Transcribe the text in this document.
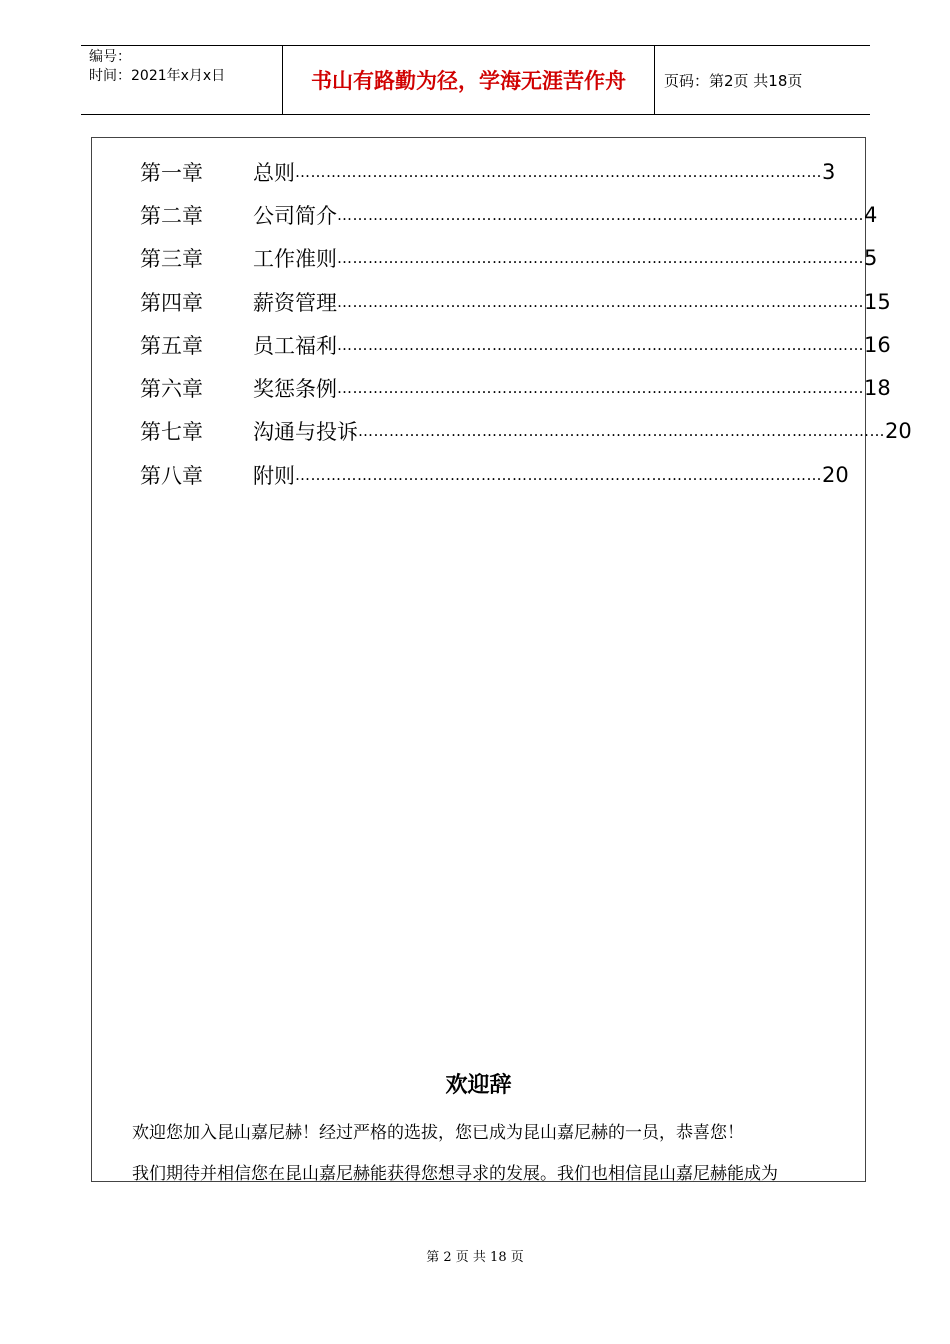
编号：
时间：2021年x月x日	书山有路勤为径，学海无涯苦作舟	页码：第2页 共18页
第一章	总则 ………………………………………………………………………………………… 3
第二章	公司简介 ………………………………………………………………………………………… 4
第三章	工作准则 ………………………………………………………………………………………… 5
第四章	薪资管理 ………………………………………………………………………………………… 15
第五章	员工福利 ………………………………………………………………………………………… 16
第六章	奖惩条例 ………………………………………………………………………………………… 18
第七章	沟通与投诉 ………………………………………………………………………………………… 20
第八章	附则 ………………………………………………………………………………………… 20
欢迎辞
欢迎您加入昆山嘉尼赫！经过严格的选拔，您已成为昆山嘉尼赫的一员，恭喜您！
我们期待并相信您在昆山嘉尼赫能获得您想寻求的发展。我们也相信昆山嘉尼赫能成为
第 2 页 共 18 页
